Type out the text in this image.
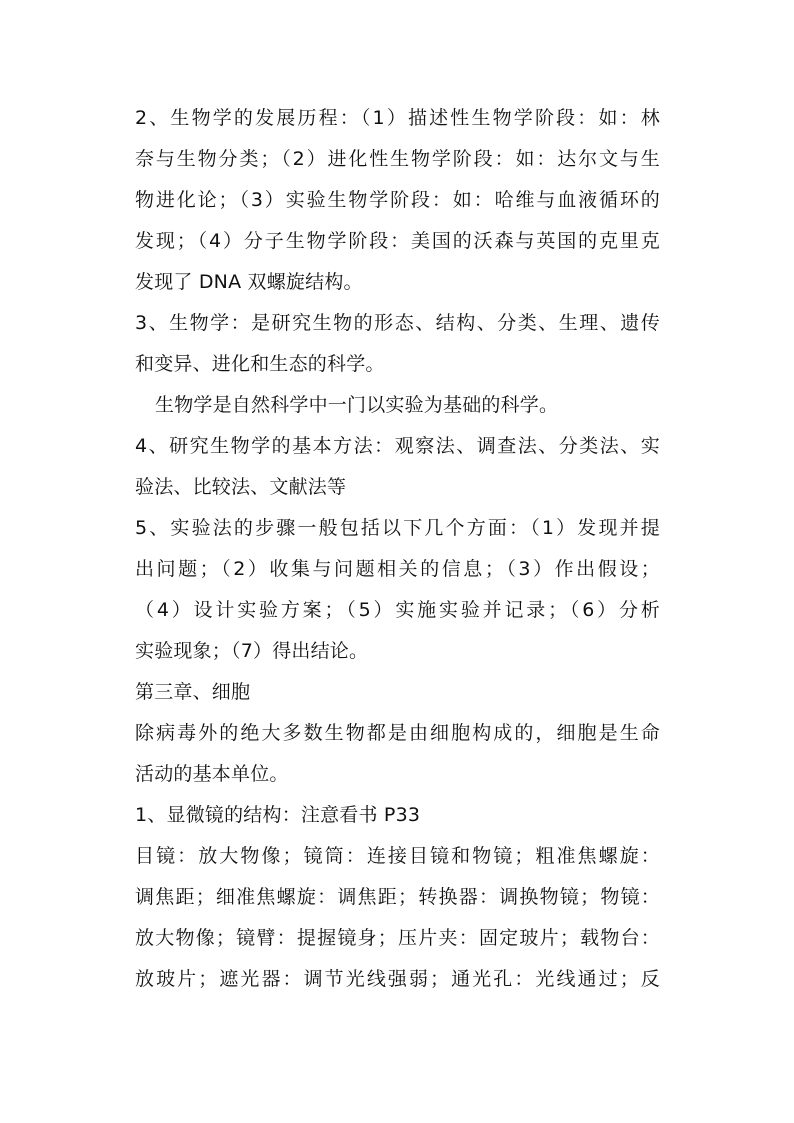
2、生物学的发展历程：（1）描述性生物学阶段：如：林
奈与生物分类；（2）进化性生物学阶段：如：达尔文与生
物进化论；（3）实验生物学阶段：如：哈维与血液循环的
发现；（4）分子生物学阶段：美国的沃森与英国的克里克
发现了 DNA 双螺旋结构。
3、生物学：是研究生物的形态、结构、分类、生理、遗传
和变异、进化和生态的科学。
生物学是自然科学中一门以实验为基础的科学。
4、研究生物学的基本方法：观察法、调查法、分类法、实
验法、比较法、文献法等
5、实验法的步骤一般包括以下几个方面：（1）发现并提
出问题；（2）收集与问题相关的信息；（3）作出假设；
（4）设计实验方案；（5）实施实验并记录；（6）分析
实验现象；（7）得出结论。
第三章、细胞
除病毒外的绝大多数生物都是由细胞构成的，细胞是生命
活动的基本单位。
1、显微镜的结构：注意看书 P33
目镜：放大物像；镜筒：连接目镜和物镜；粗准焦螺旋：
调焦距；细准焦螺旋：调焦距；转换器：调换物镜；物镜：
放大物像；镜臂：提握镜身；压片夹：固定玻片；载物台：
放玻片；遮光器：调节光线强弱；通光孔：光线通过；反
